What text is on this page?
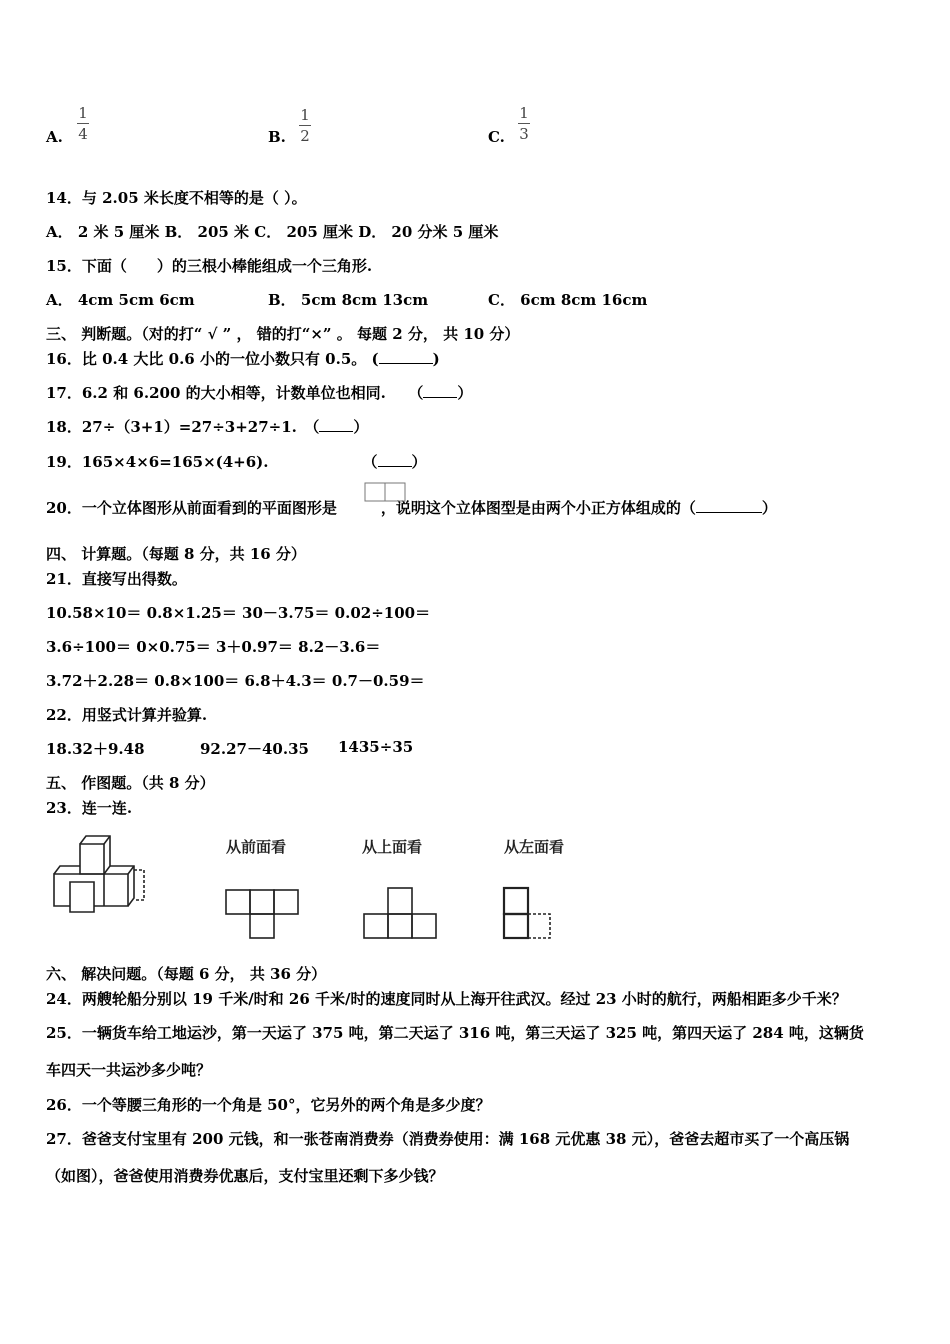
A.
1
4	B.
1
2	C.
1
3
14．与 2.05 米长度不相等的是（ ）。
A． 2 米 5 厘米 B． 205 米 C． 205 厘米 D． 20 分米 5 厘米
15．下面（　　）的三根小棒能组成一个三角形.
A． 4cm 5cm 6cm	B． 5cm 8cm 13cm	C． 6cm 8cm 16cm
三、 判断题。（对的打“ √ ” ， 错的打“×” 。 每题 2 分， 共 10 分）
16．比 0.4 大比 0.6 小的一位小数只有 0.5。 (	)
17．6.2 和 6.200 的大小相等，计数单位也相同.　　（ ）
18．27÷（3+1）=27÷3+27÷1.　（ ）
19．165×4×6=165×(4+6).	（ ）
20．一个立体图形从前面看到的平面图形是	，说明这个立体图型是由两个小正方体组成的（	）
四、 计算题。（每题 8 分，共 16 分）
21．直接写出得数。
10.58×10＝ 0.8×1.25＝ 30－3.75＝ 0.02÷100＝
3.6÷100＝ 0×0.75＝ 3＋0.97＝ 8.2－3.6＝
3.72＋2.28＝ 0.8×100＝ 6.8＋4.3＝ 0.7－0.59＝
22．用竖式计算并验算.
18.32＋9.48	92.27－40.35 1435÷35
五、 作图题。（共 8 分）
23．连一连.
从前面看	从上面看	从左面看
六、 解决问题。（每题 6 分， 共 36 分）
24．两艘轮船分别以 19 千米/时和 26 千米/时的速度同时从上海开往武汉。经过 23 小时的航行，两船相距多少千米？
25．一辆货车给工地运沙，第一天运了 375 吨，第二天运了 316 吨，第三天运了 325 吨，第四天运了 284 吨，这辆货
车四天一共运沙多少吨？
26．一个等腰三角形的一个角是 50°，它另外的两个角是多少度？
27．爸爸支付宝里有 200 元钱，和一张苍南消费券（消费券使用：满 168 元优惠 38 元），爸爸去超市买了一个高压锅
（如图），爸爸使用消费券优惠后，支付宝里还剩下多少钱？
